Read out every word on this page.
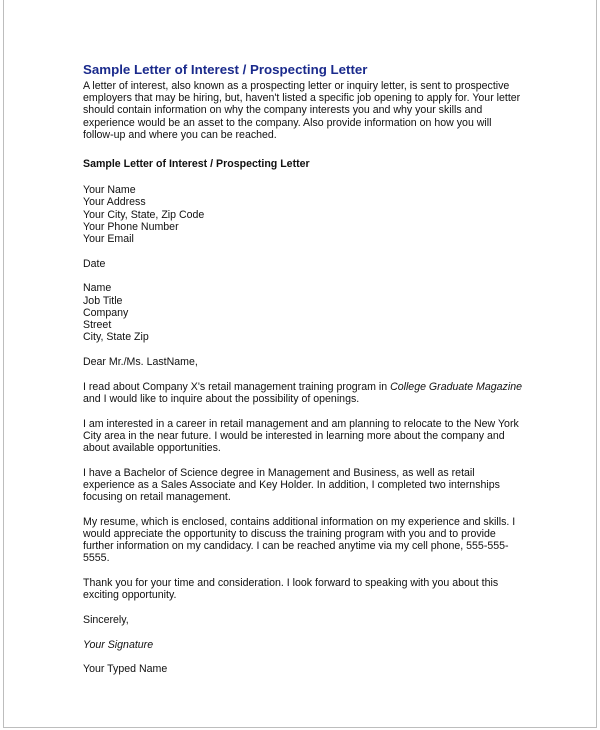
Sample Letter of Interest / Prospecting Letter

A letter of interest, also known as a prospecting letter or inquiry letter, is sent to prospective employers that may be hiring, but, haven't listed a specific job opening to apply for. Your letter should contain information on why the company interests you and why your skills and experience would be an asset to the company. Also provide information on how you will follow-up and where you can be reached.

Sample Letter of Interest / Prospecting Letter
Your Name
Your Address
Your City, State, Zip Code
Your Phone Number
Your Email
Date
Name
Job Title
Company
Street
City, State Zip
Dear Mr./Ms. LastName,

I read about Company X's retail management training program in College Graduate Magazine and I would like to inquire about the possibility of openings.

I am interested in a career in retail management and am planning to relocate to the New York City area in the near future. I would be interested in learning more about the company and about available opportunities.

I have a Bachelor of Science degree in Management and Business, as well as retail experience as a Sales Associate and Key Holder. In addition, I completed two internships focusing on retail management.

My resume, which is enclosed, contains additional information on my experience and skills. I would appreciate the opportunity to discuss the training program with you and to provide further information on my candidacy. I can be reached anytime via my cell phone, 555-555-5555.

Thank you for your time and consideration. I look forward to speaking with you about this exciting opportunity.

Sincerely,
Your Signature
Your Typed Name
